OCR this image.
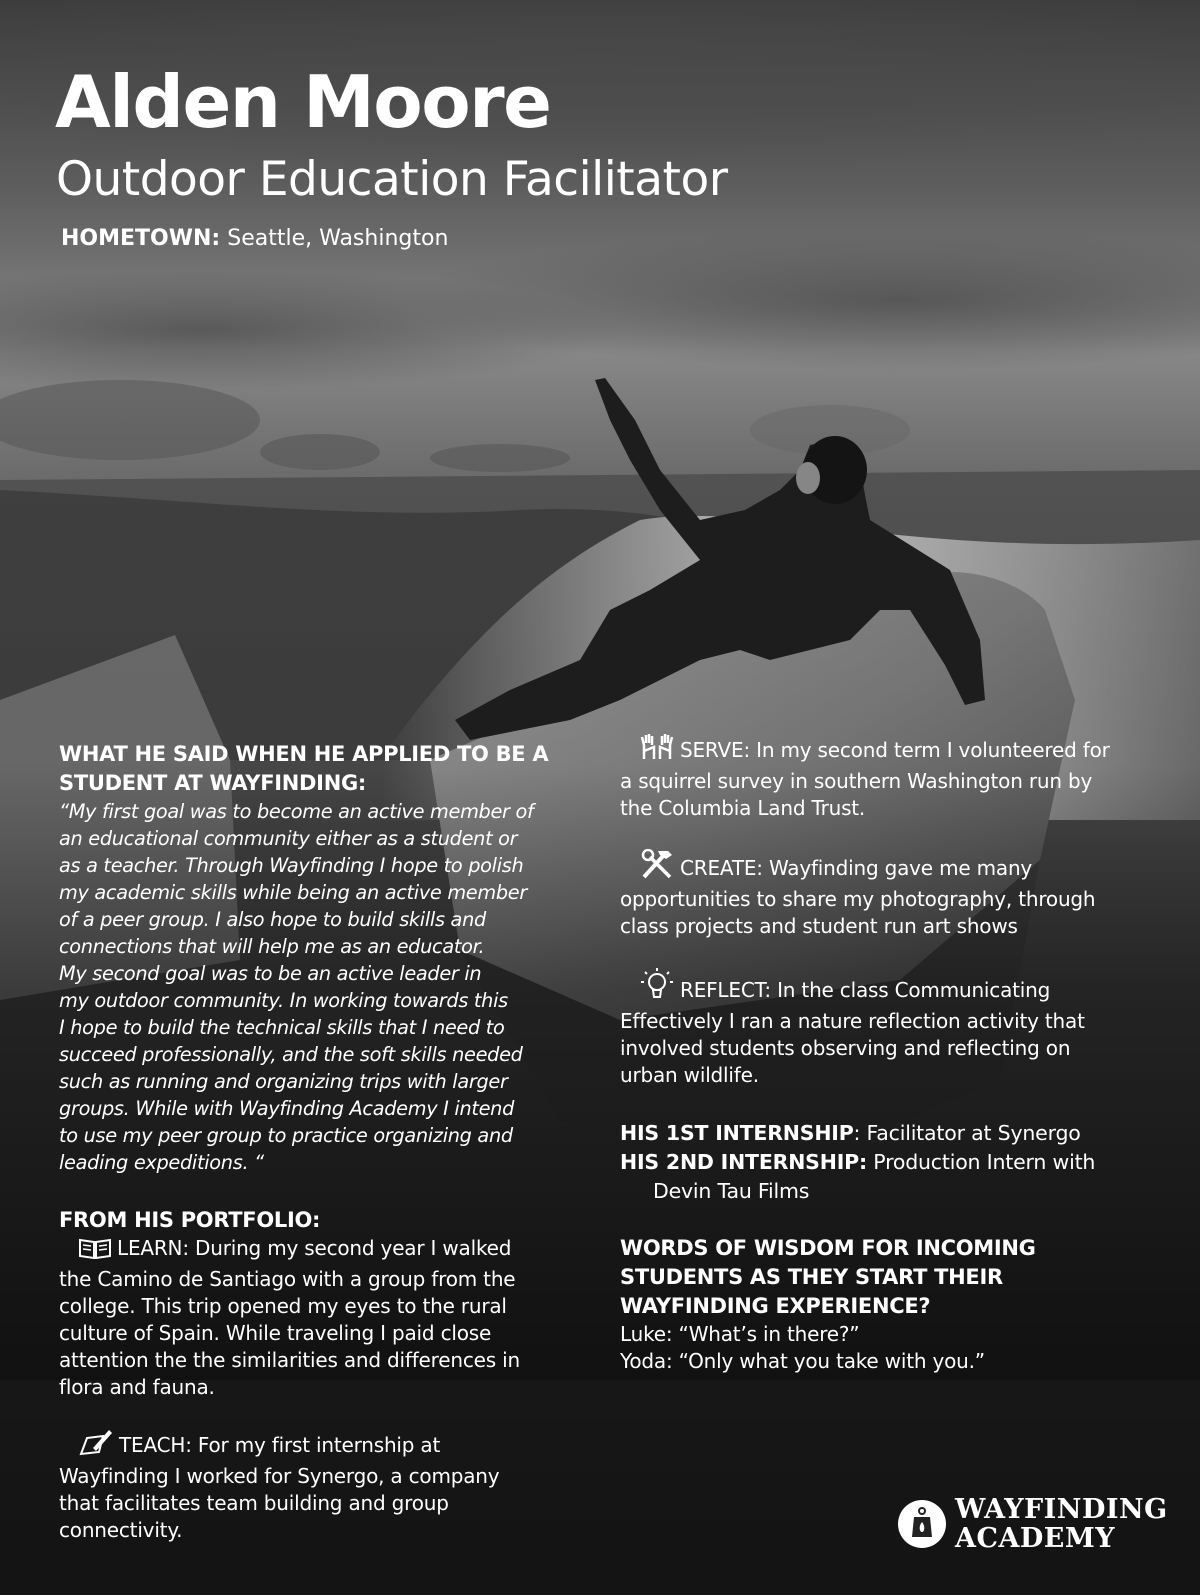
Alden Moore
Outdoor Education Facilitator
HOMETOWN: Seattle, Washington
WHAT HE SAID WHEN HE APPLIED TO BE A
STUDENT AT WAYFINDING:
“My first goal was to become an active member of
an educational community either as a student or
as a teacher. Through Wayfinding I hope to polish
my academic skills while being an active member
of a peer group. I also hope to build skills and
connections that will help me as an educator.
My second goal was to be an active leader in
my outdoor community. In working towards this
I hope to build the technical skills that I need to
succeed professionally, and the soft skills needed
such as running and organizing trips with larger
groups. While with Wayfinding Academy I intend
to use my peer group to practice organizing and
leading expeditions. “
FROM HIS PORTFOLIO:
LEARN: During my second year I walked
the Camino de Santiago with a group from the
college. This trip opened my eyes to the rural
culture of Spain. While traveling I paid close
attention the the similarities and differences in
flora and fauna.
TEACH: For my first internship at
Wayfinding I worked for Synergo, a company
that facilitates team building and group
connectivity.
SERVE: In my second term I volunteered for
a squirrel survey in southern Washington run by
the Columbia Land Trust.
CREATE: Wayfinding gave me many
opportunities to share my photography, through
class projects and student run art shows
REFLECT: In the class Communicating
Effectively I ran a nature reflection activity that
involved students observing and reflecting on
urban wildlife.
HIS 1ST INTERNSHIP: Facilitator at Synergo
HIS 2ND INTERNSHIP: Production Intern with
Devin Tau Films
WORDS OF WISDOM FOR INCOMING
STUDENTS AS THEY START THEIR
WAYFINDING EXPERIENCE?
Luke: “What’s in there?”
Yoda: “Only what you take with you.”
WAYFINDING
ACADEMY
